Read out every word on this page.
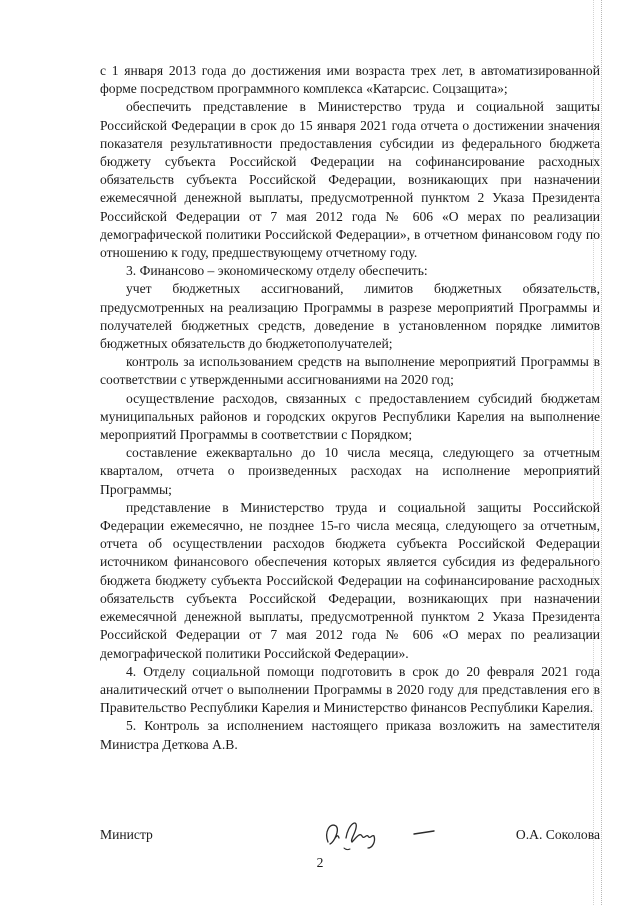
с 1 января 2013 года до достижения ими возраста трех лет, в автоматизированной форме посредством программного комплекса «Катарсис. Соцзащита»;

обеспечить представление в Министерство труда и социальной защиты Российской Федерации в срок до 15 января 2021 года отчета о достижении значения показателя результативности предоставления субсидии из федерального бюджета бюджету субъекта Российской Федерации на софинансирование расходных обязательств субъекта Российской Федерации, возникающих при назначении ежемесячной денежной выплаты, предусмотренной пунктом 2 Указа Президента Российской Федерации от 7 мая 2012 года № 606 «О мерах по реализации демографической политики Российской Федерации», в отчетном финансовом году по отношению к году, предшествующему отчетному году.

3. Финансово – экономическому отделу обеспечить:

учет бюджетных ассигнований, лимитов бюджетных обязательств, предусмотренных на реализацию Программы в разрезе мероприятий Программы и получателей бюджетных средств, доведение в установленном порядке лимитов бюджетных обязательств до бюджетополучателей;

контроль за использованием средств на выполнение мероприятий Программы в соответствии с утвержденными ассигнованиями на 2020 год;

осуществление расходов, связанных с предоставлением субсидий бюджетам муниципальных районов и городских округов Республики Карелия на выполнение мероприятий Программы в соответствии с Порядком;

составление ежеквартально до 10 числа месяца, следующего за отчетным кварталом, отчета о произведенных расходах на исполнение мероприятий Программы;

представление в Министерство труда и социальной защиты Российской Федерации ежемесячно, не позднее 15-го числа месяца, следующего за отчетным, отчета об осуществлении расходов бюджета субъекта Российской Федерации источником финансового обеспечения которых является субсидия из федерального бюджета бюджету субъекта Российской Федерации на софинансирование расходных обязательств субъекта Российской Федерации, возникающих при назначении ежемесячной денежной выплаты, предусмотренной пунктом 2 Указа Президента Российской Федерации от 7 мая 2012 года № 606 «О мерах по реализации демографической политики Российской Федерации».

4. Отделу социальной помощи подготовить в срок до 20 февраля 2021 года аналитический отчет о выполнении Программы в 2020 году для представления его в Правительство Республики Карелия и Министерство финансов Республики Карелия.

5. Контроль за исполнением настоящего приказа возложить на заместителя Министра Деткова А.В.

Министр	О.А. Соколова
2
